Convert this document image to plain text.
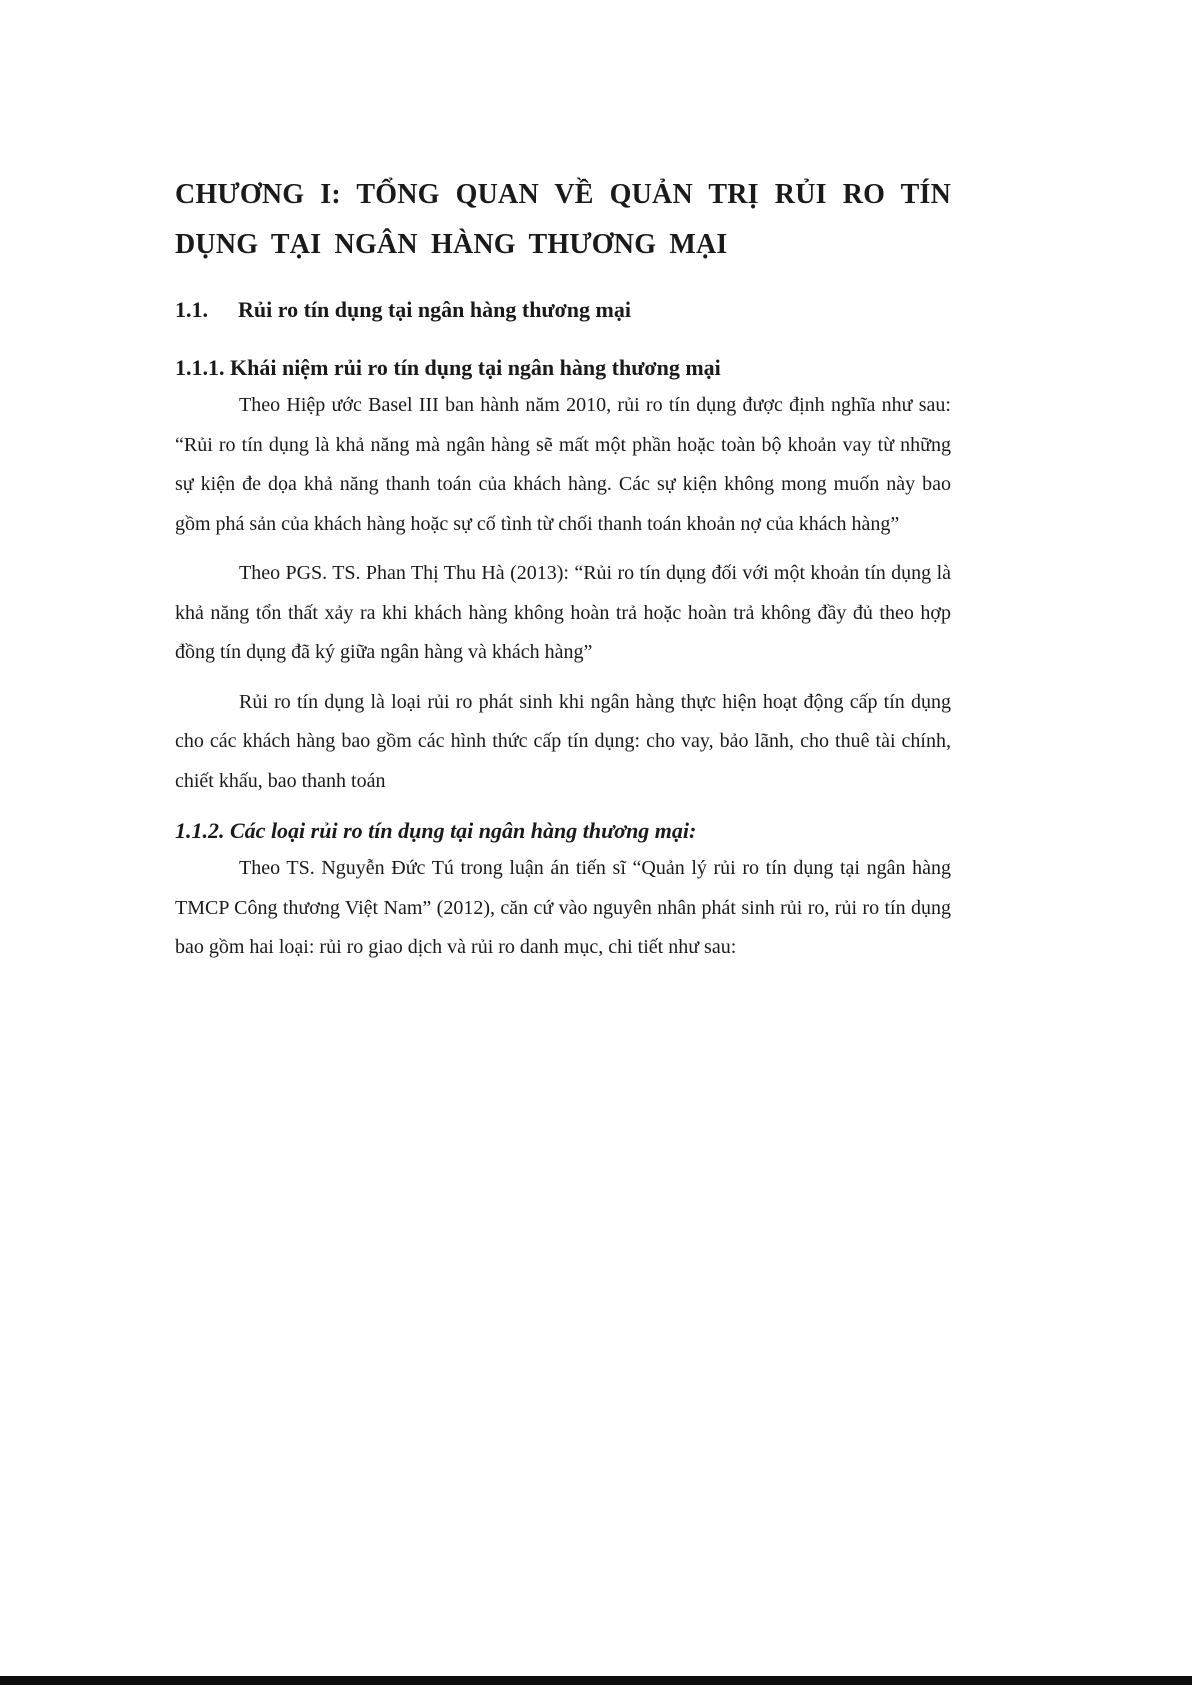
CHƯƠNG I: TỔNG QUAN VỀ QUẢN TRỊ RỦI RO TÍN DỤNG TẠI NGÂN HÀNG THƯƠNG MẠI
1.1. Rủi ro tín dụng tại ngân hàng thương mại
1.1.1. Khái niệm rủi ro tín dụng tại ngân hàng thương mại

Theo Hiệp ước Basel III ban hành năm 2010, rủi ro tín dụng được định nghĩa như sau: “Rủi ro tín dụng là khả năng mà ngân hàng sẽ mất một phần hoặc toàn bộ khoản vay từ những sự kiện đe dọa khả năng thanh toán của khách hàng. Các sự kiện không mong muốn này bao gồm phá sản của khách hàng hoặc sự cố tình từ chối thanh toán khoản nợ của khách hàng”

Theo PGS. TS. Phan Thị Thu Hà (2013): “Rủi ro tín dụng đối với một khoản tín dụng là khả năng tổn thất xảy ra khi khách hàng không hoàn trả hoặc hoàn trả không đầy đủ theo hợp đồng tín dụng đã ký giữa ngân hàng và khách hàng”

Rủi ro tín dụng là loại rủi ro phát sinh khi ngân hàng thực hiện hoạt động cấp tín dụng cho các khách hàng bao gồm các hình thức cấp tín dụng: cho vay, bảo lãnh, cho thuê tài chính, chiết khấu, bao thanh toán

1.1.2. Các loại rủi ro tín dụng tại ngân hàng thương mại:

Theo TS. Nguyễn Đức Tú trong luận án tiến sĩ “Quản lý rủi ro tín dụng tại ngân hàng TMCP Công thương Việt Nam” (2012), căn cứ vào nguyên nhân phát sinh rủi ro, rủi ro tín dụng bao gồm hai loại: rủi ro giao dịch và rủi ro danh mục, chi tiết như sau:
